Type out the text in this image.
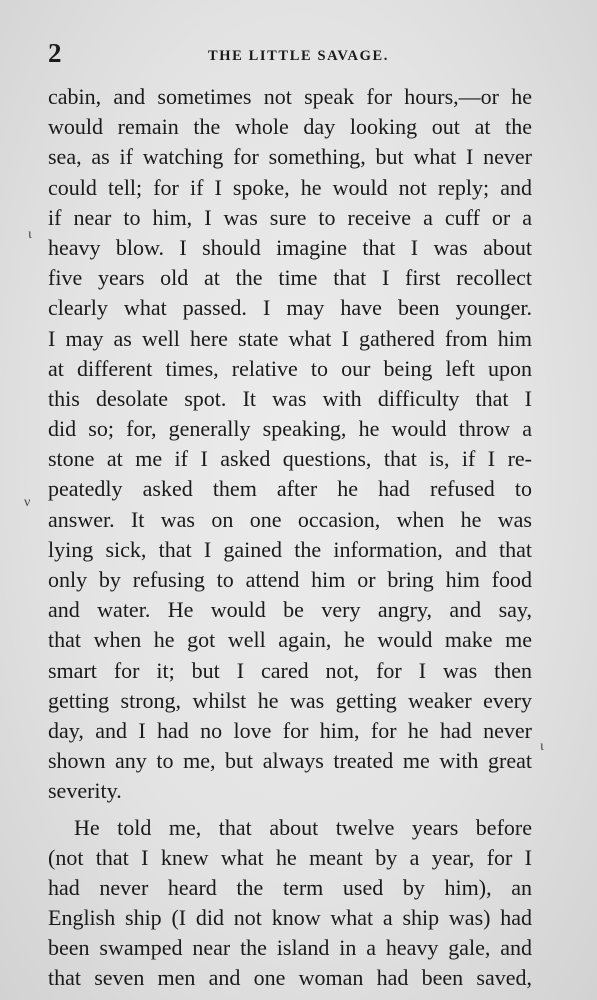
2	THE LITTLE SAVAGE.
cabin, and sometimes not speak for hours,—or he
would remain the whole day looking out at the
sea, as if watching for something, but what I never
could tell; for if I spoke, he would not reply; and
if near to him, I was sure to receive a cuff or a
heavy blow. I should imagine that I was about
five years old at the time that I first recollect
clearly what passed. I may have been younger.
I may as well here state what I gathered from him
at different times, relative to our being left upon
this desolate spot. It was with difficulty that I
did so; for, generally speaking, he would throw a
stone at me if I asked questions, that is, if I re-
peatedly asked them after he had refused to
answer. It was on one occasion, when he was
lying sick, that I gained the information, and that
only by refusing to attend him or bring him food
and water. He would be very angry, and say,
that when he got well again, he would make me
smart for it; but I cared not, for I was then
getting strong, whilst he was getting weaker every
day, and I had no love for him, for he had never
shown any to me, but always treated me with great
severity.
He told me, that about twelve years before
(not that I knew what he meant by a year, for I
had never heard the term used by him), an
English ship (I did not know what a ship was) had
been swamped near the island in a heavy gale, and
that seven men and one woman had been saved,
ι
ν
ι
